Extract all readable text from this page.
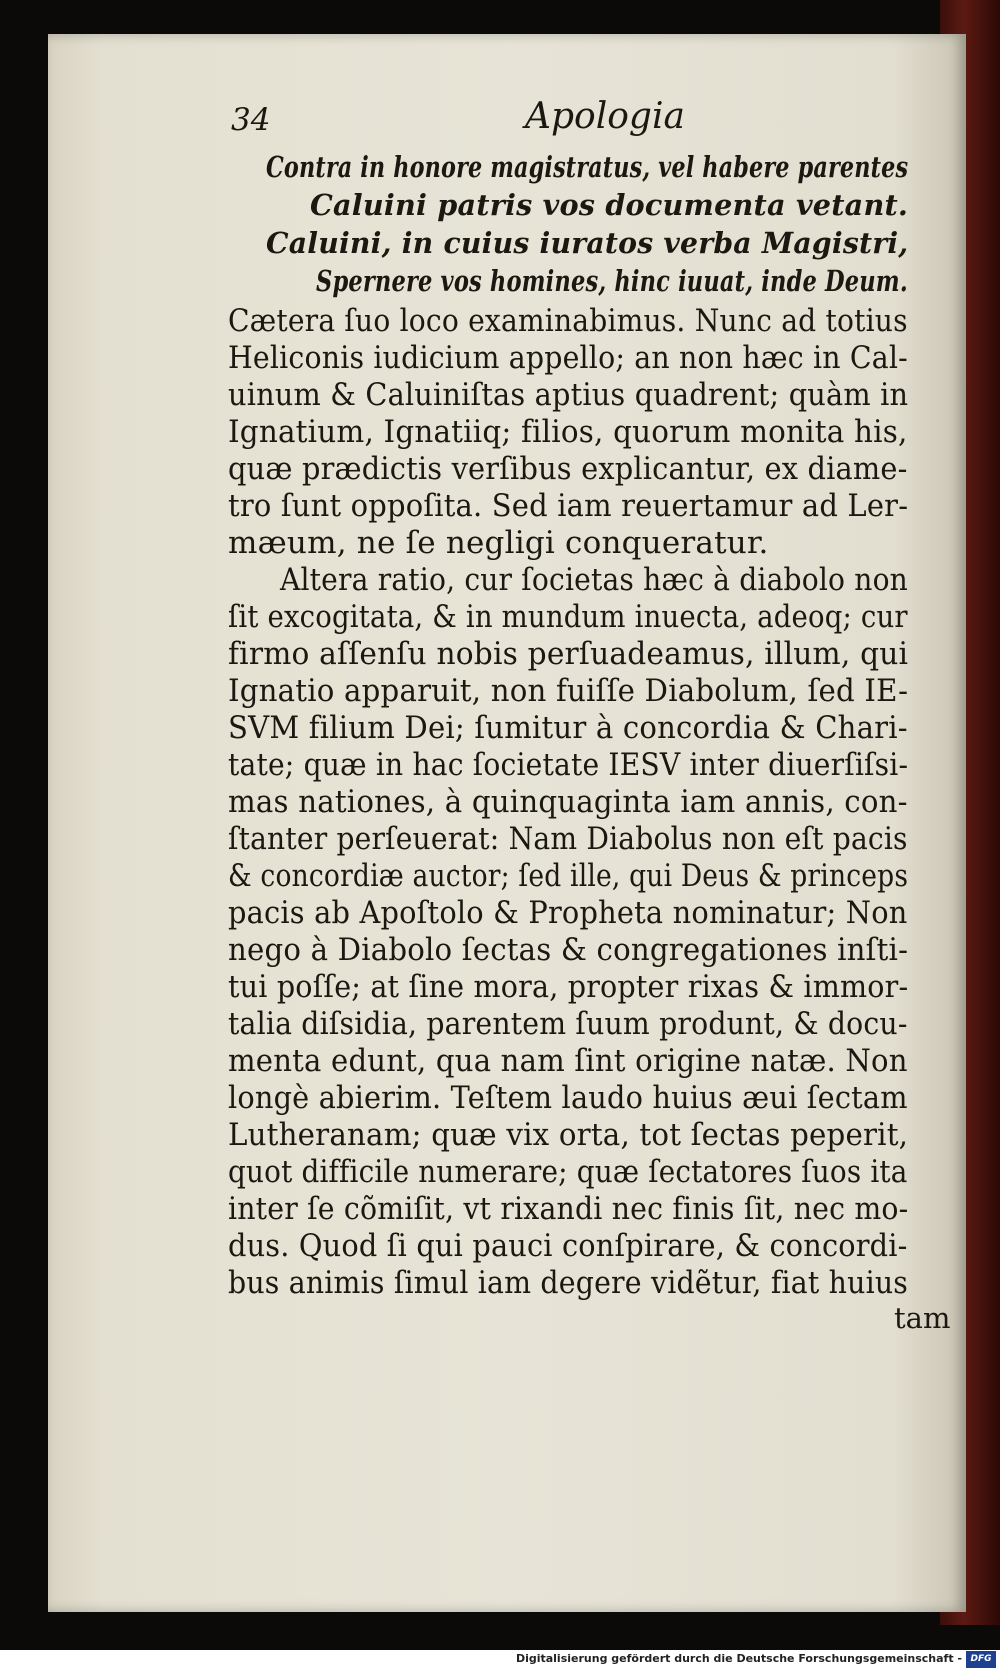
34	Apologia
Contra in honore magistratus, vel habere parentes
Caluini patris vos documenta vetant.
Caluini, in cuius iuratos verba Magistri,
Spernere vos homines, hinc iuuat, inde Deum.
Cætera ſuo loco examinabimus. Nunc ad totius
Heliconis iudicium appello; an non hæc in Cal-
uinum & Caluiniſtas aptius quadrent; quàm in
Ignatium, Ignatiiq; filios, quorum monita his,
quæ prædictis verſibus explicantur, ex diame-
tro ſunt oppoſita. Sed iam reuertamur ad Ler-
mæum, ne ſe negligi conqueratur.
Altera ratio, cur ſocietas hæc à diabolo non
ſit excogitata, & in mundum inuecta, adeoq; cur
firmo aſſenſu nobis perſuadeamus, illum, qui
Ignatio apparuit, non fuiſſe Diabolum, ſed IE-
SVM filium Dei; ſumitur à concordia & Chari-
tate; quæ in hac ſocietate IESV inter diuerſiſsi-
mas nationes, à quinquaginta iam annis, con-
ſtanter perſeuerat: Nam Diabolus non eſt pacis
& concordiæ auctor; ſed ille, qui Deus & princeps
pacis ab Apoſtolo & Propheta nominatur; Non
nego à Diabolo ſectas & congregationes inſti-
tui poſſe; at ſine mora, propter rixas & immor-
talia diſsidia, parentem ſuum produnt, & docu-
menta edunt, qua nam ſint origine natæ. Non
longè abierim. Teſtem laudo huius æui ſectam
Lutheranam; quæ vix orta, tot ſectas peperit,
quot difficile numerare; quæ ſectatores ſuos ita
inter ſe cõmiſit, vt rixandi nec finis ſit, nec mo-
dus. Quod ſi qui pauci conſpirare, & concordi-
bus animis ſimul iam degere vidẽtur, fiat huius
tam
Digitalisierung gefördert durch die Deutsche Forschungsgemeinschaft - DFG
